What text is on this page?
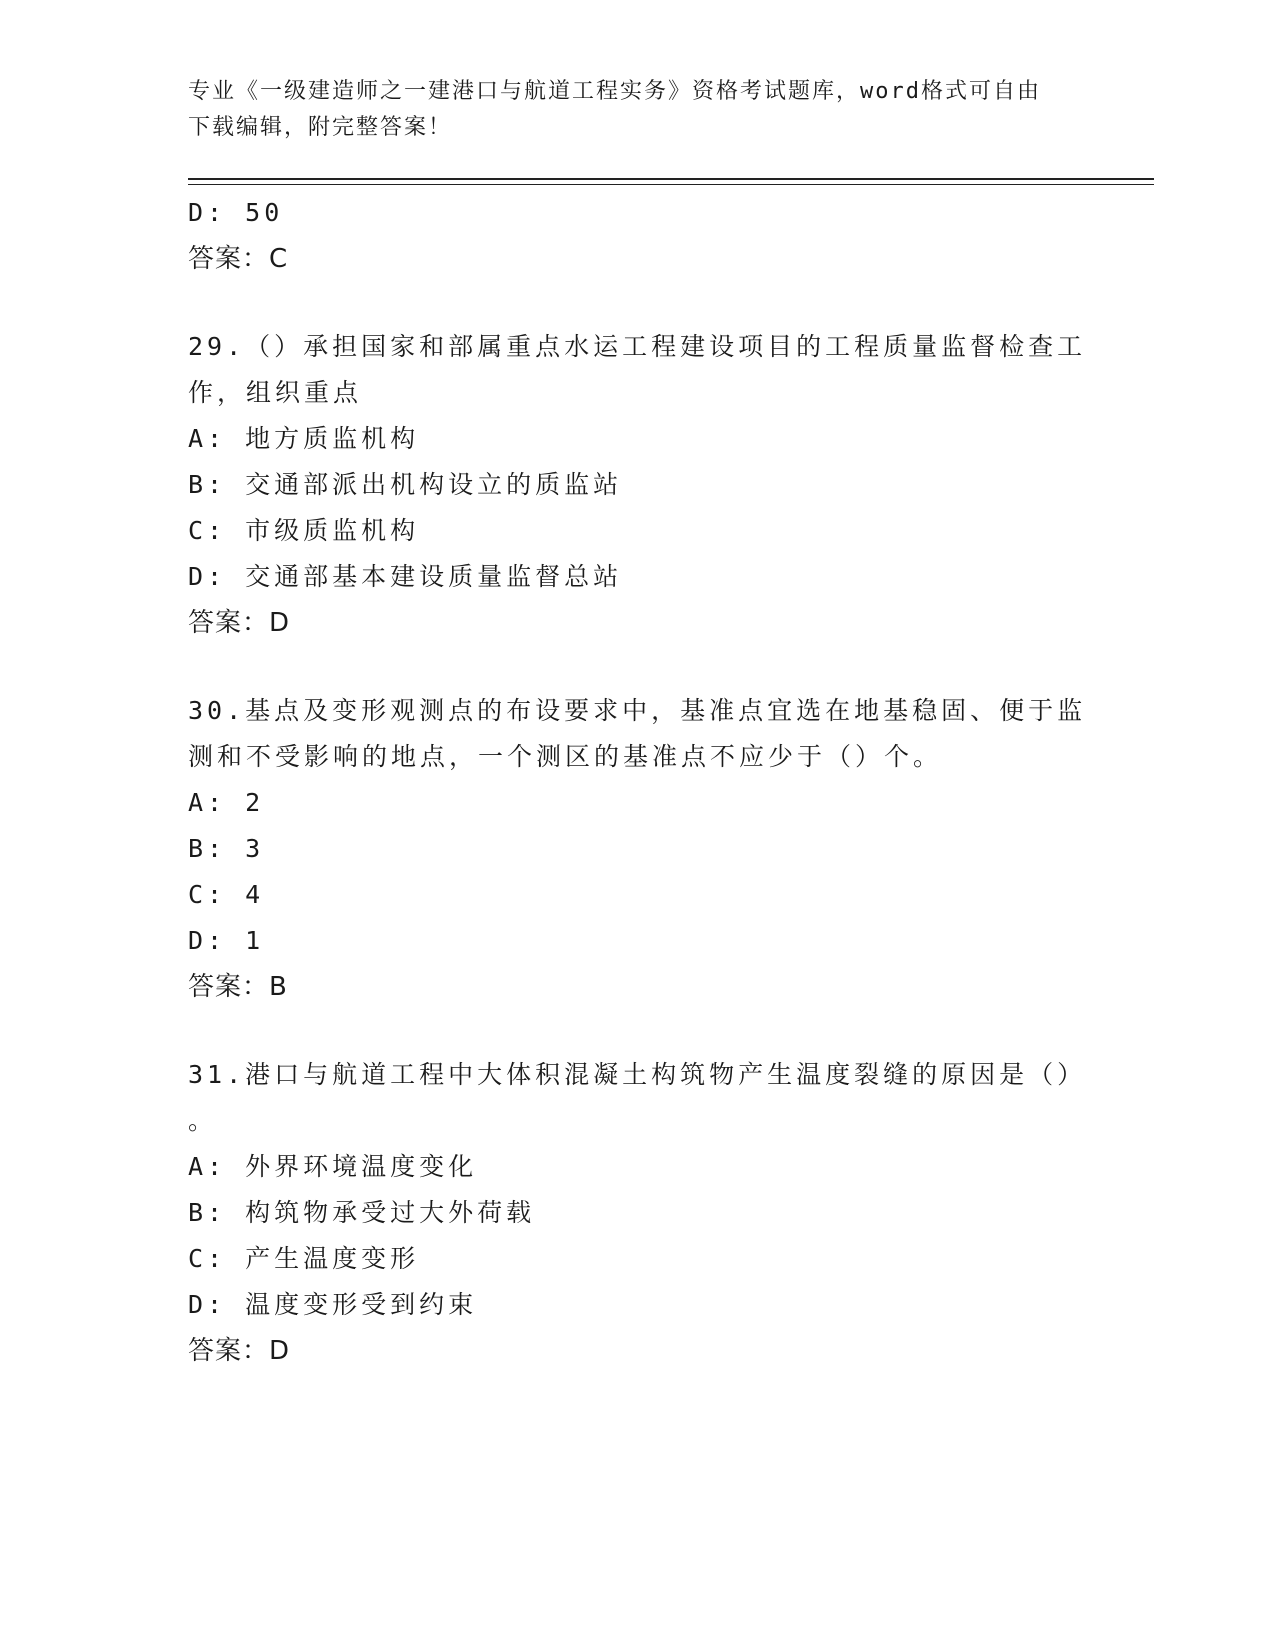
专业《一级建造师之一建港口与航道工程实务》资格考试题库，word格式可自由
下载编辑，附完整答案！
D: 50
答案：C
29.（）承担国家和部属重点水运工程建设项目的工程质量监督检查工
作，组织重点
A: 地方质监机构
B: 交通部派出机构设立的质监站
C: 市级质监机构
D: 交通部基本建设质量监督总站
答案：D
30.基点及变形观测点的布设要求中，基准点宜选在地基稳固、便于监
测和不受影响的地点，一个测区的基准点不应少于（）个。
A: 2
B: 3
C: 4
D: 1
答案：B
31.港口与航道工程中大体积混凝土构筑物产生温度裂缝的原因是（）
。
A: 外界环境温度变化
B: 构筑物承受过大外荷载
C: 产生温度变形
D: 温度变形受到约束
答案：D
